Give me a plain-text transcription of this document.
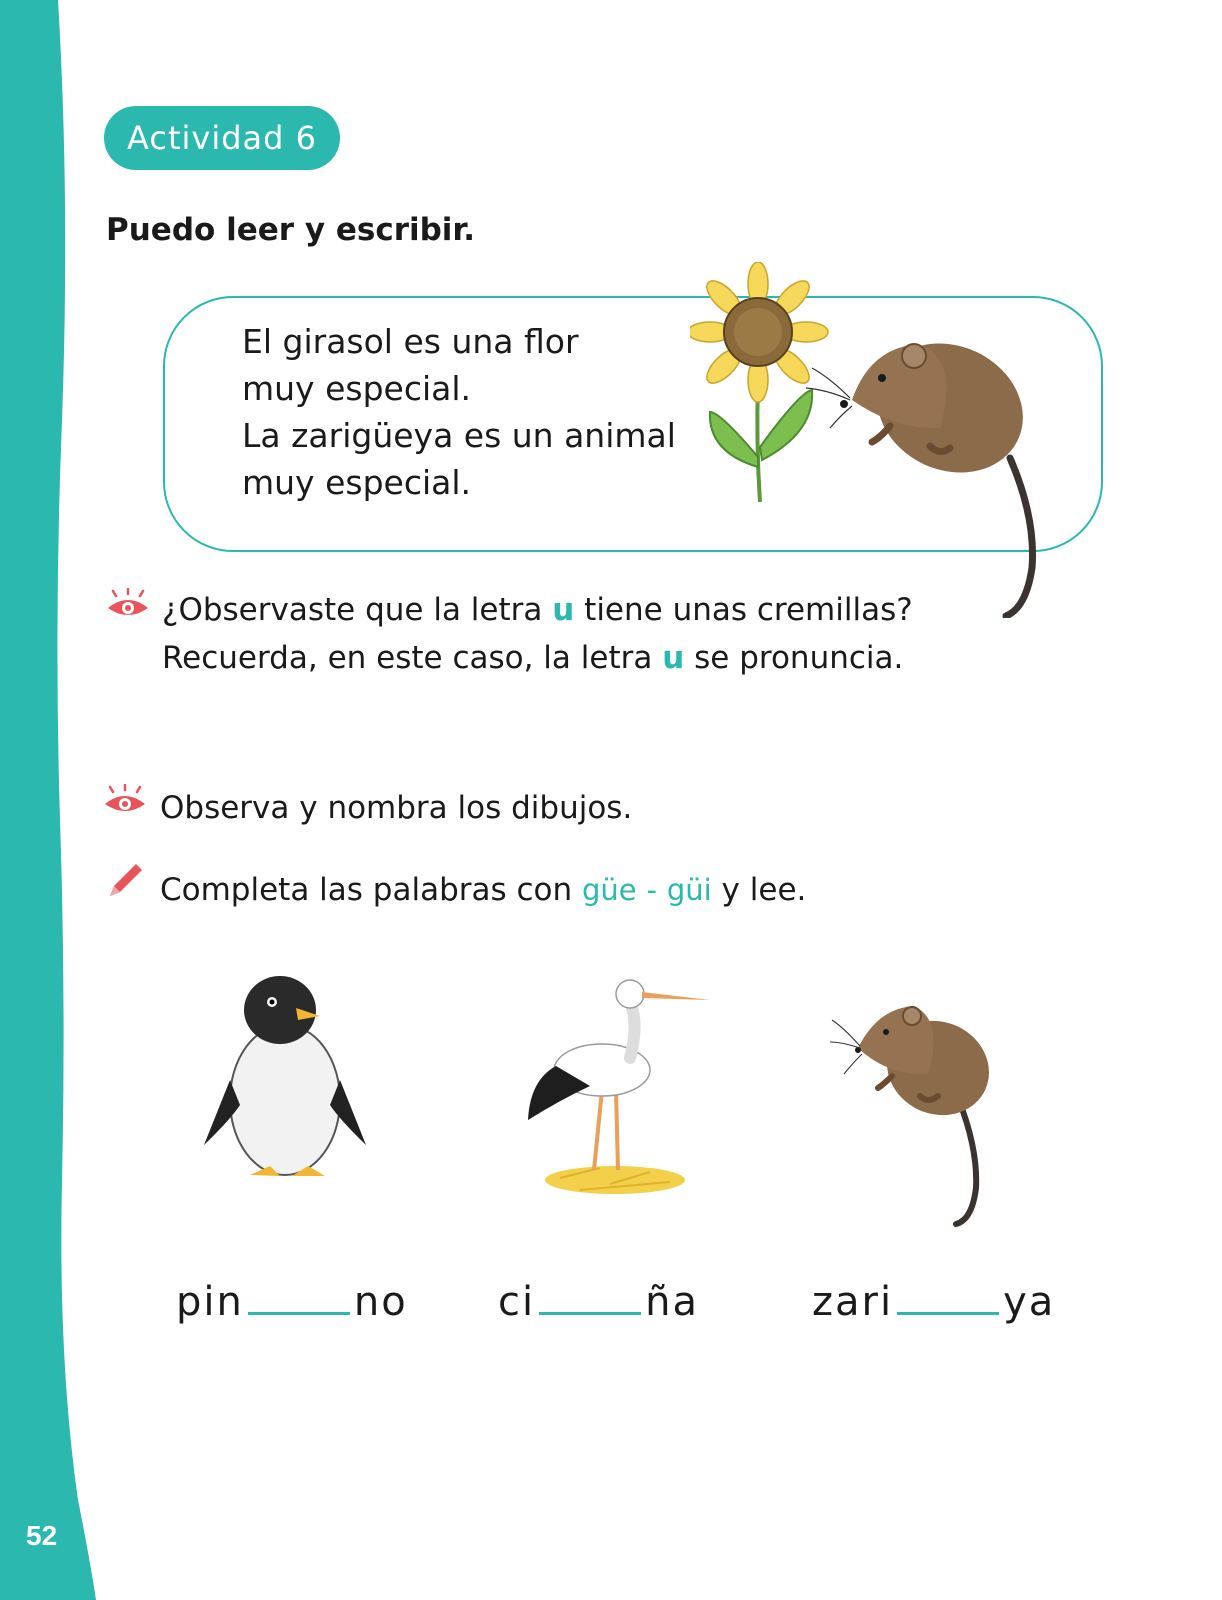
52
Actividad 6
Puedo leer y escribir.
El girasol es una flor
muy especial.
La zarigüeya es un animal
muy especial.
¿Observaste que la letra u tiene unas cremillas?
Recuerda, en este caso, la letra u se pronuncia.
Observa y nombra los dibujos.
Completa las palabras con güe - güi y lee.
pin	no ci	ña	zari	ya
